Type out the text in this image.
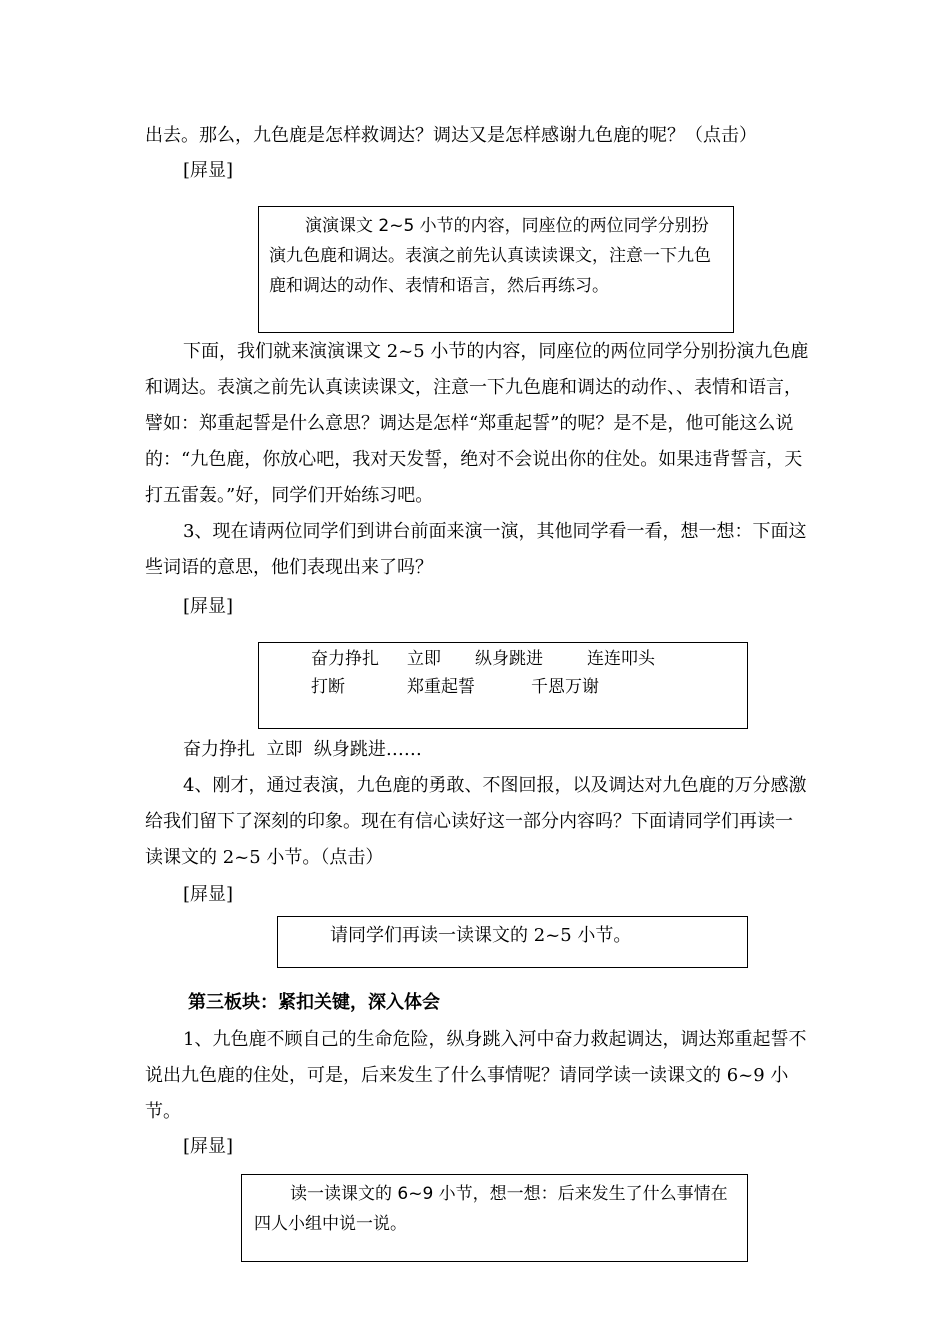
出去。那么，九色鹿是怎样救调达？调达又是怎样感谢九色鹿的呢？（点击）

[屏显]
演演课文 2~5 小节的内容，同座位的两位同学分别扮演九色鹿和调达。表演之前先认真读读课文，注意一下九色鹿和调达的动作、表情和语言，然后再练习。

下面，我们就来演演课文 2~5 小节的内容，同座位的两位同学分别扮演九色鹿和调达。表演之前先认真读读课文，注意一下九色鹿和调达的动作、、表情和语言，譬如：郑重起誓是什么意思？调达是怎样“郑重起誓”的呢？是不是，他可能这么说的：“九色鹿，你放心吧，我对天发誓，绝对不会说出你的住处。如果违背誓言，天打五雷轰。”好，同学们开始练习吧。

3、现在请两位同学们到讲台前面来演一演，其他同学看一看，想一想：下面这些词语的意思，他们表现出来了吗？

[屏显]
奋力挣扎 立即 纵身跳进	连连叩头
打断	郑重起誓	千恩万谢
奋力挣扎  立即  纵身跳进……

4、刚才，通过表演，九色鹿的勇敢、不图回报，以及调达对九色鹿的万分感激给我们留下了深刻的印象。现在有信心读好这一部分内容吗？下面请同学们再读一读课文的 2~5 小节。（点击）

[屏显]
请同学们再读一读课文的 2~5 小节。
第三板块：紧扣关键，深入体会

1、九色鹿不顾自己的生命危险，纵身跳入河中奋力救起调达，调达郑重起誓不说出九色鹿的住处，可是，后来发生了什么事情呢？请同学读一读课文的 6~9 小节。

[屏显]
读一读课文的 6~9 小节，想一想：后来发生了什么事情在四人小组中说一说。
